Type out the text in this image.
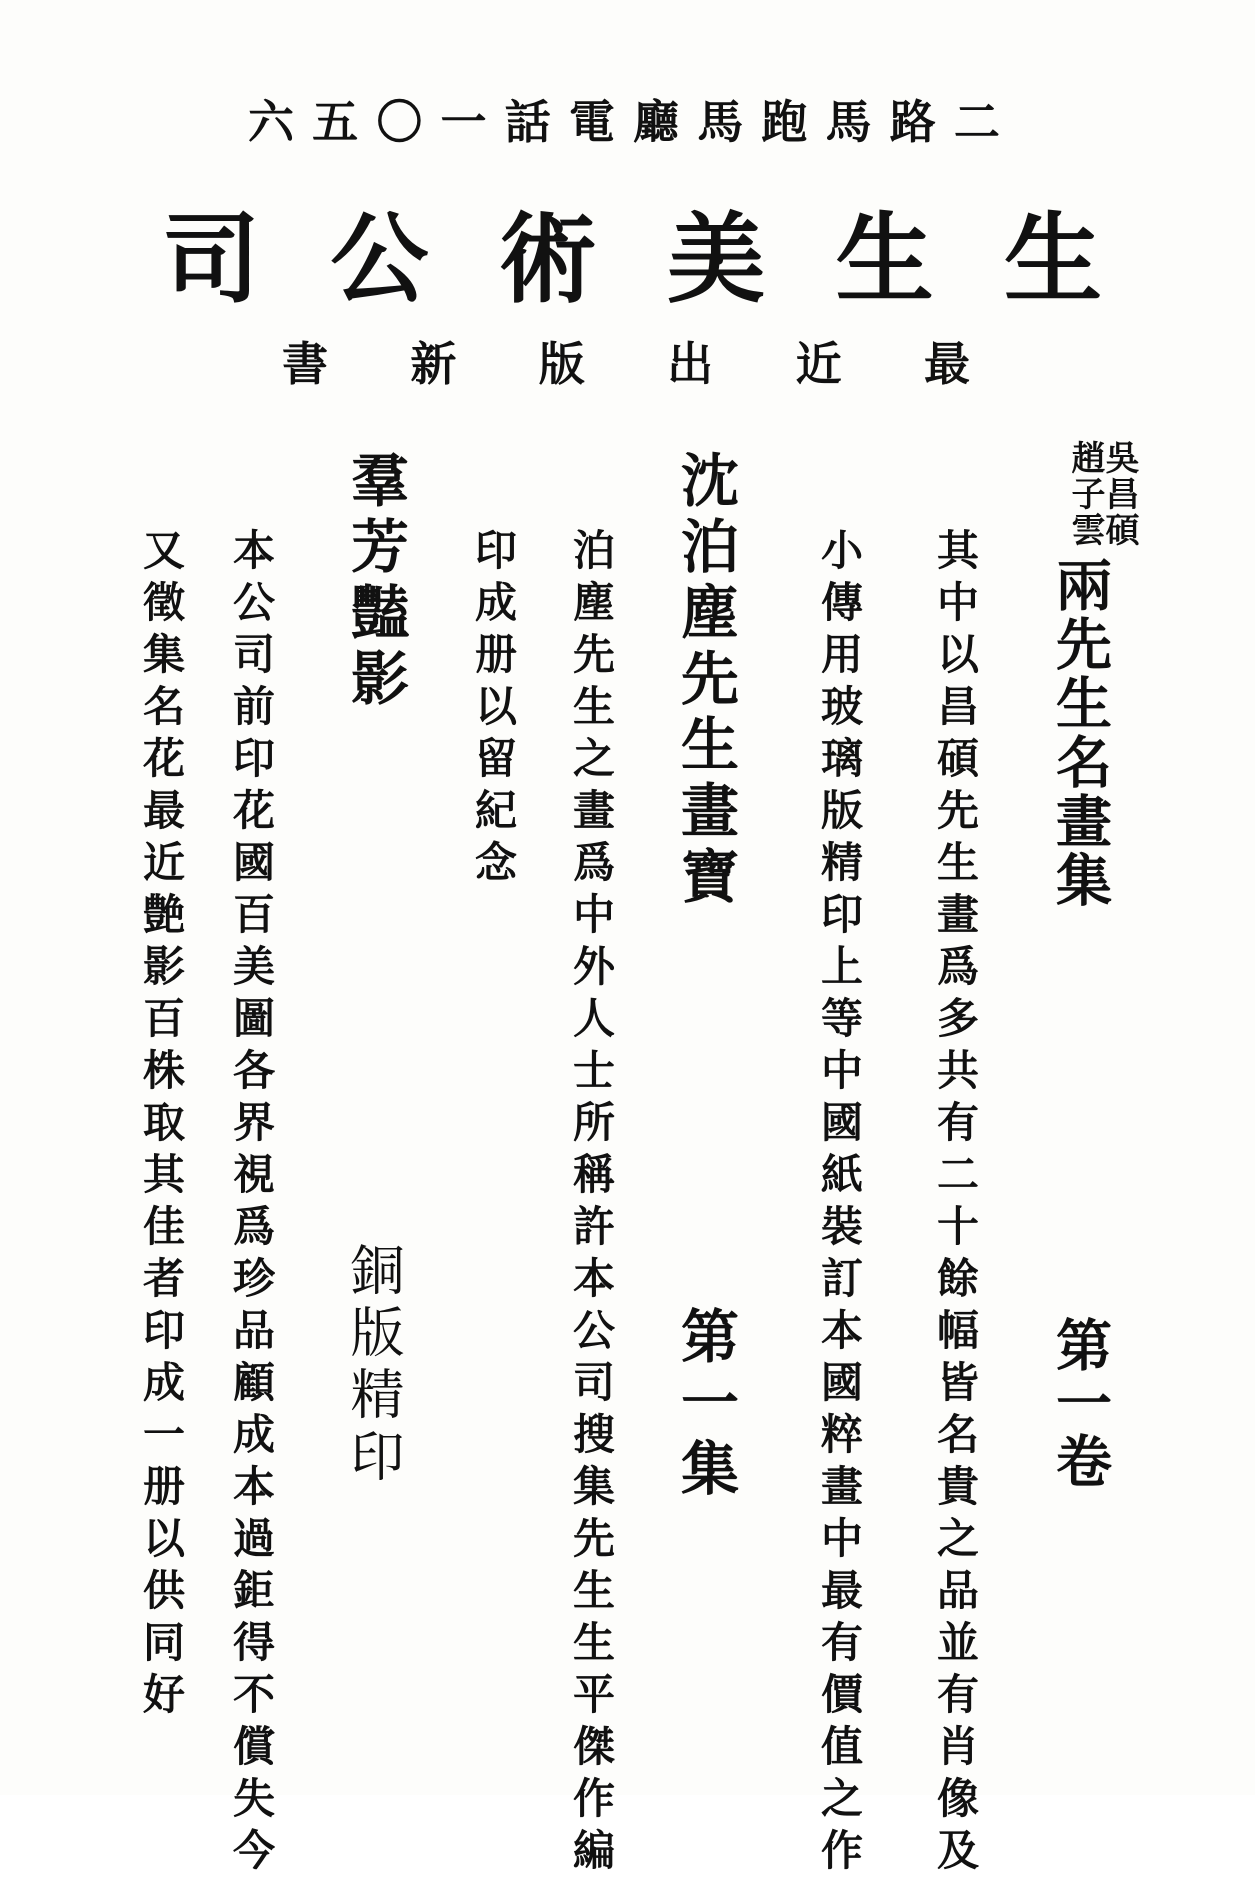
二
路
馬
跑
馬
廳
電
話
一
〇
五
六
生
生
美
術
公
司
最
近
出
版
新
書
吳昌碩
趙子雲
兩先生名畫集
第一卷
其中以昌碩先生畫爲多共有二十餘幅皆名貴之品並有肖像及
小傳用玻璃版精印上等中國紙裝訂本國粹畫中最有價值之作
沈泊塵先生畫寶
第一集
泊塵先生之畫爲中外人士所稱許本公司搜集先生生平傑作編
印成册以留紀念
羣芳豔影
銅版精印
本公司前印花國百美圖各界視爲珍品顧成本過鉅得不償失今
又徵集名花最近艶影百株取其佳者印成一册以供同好
